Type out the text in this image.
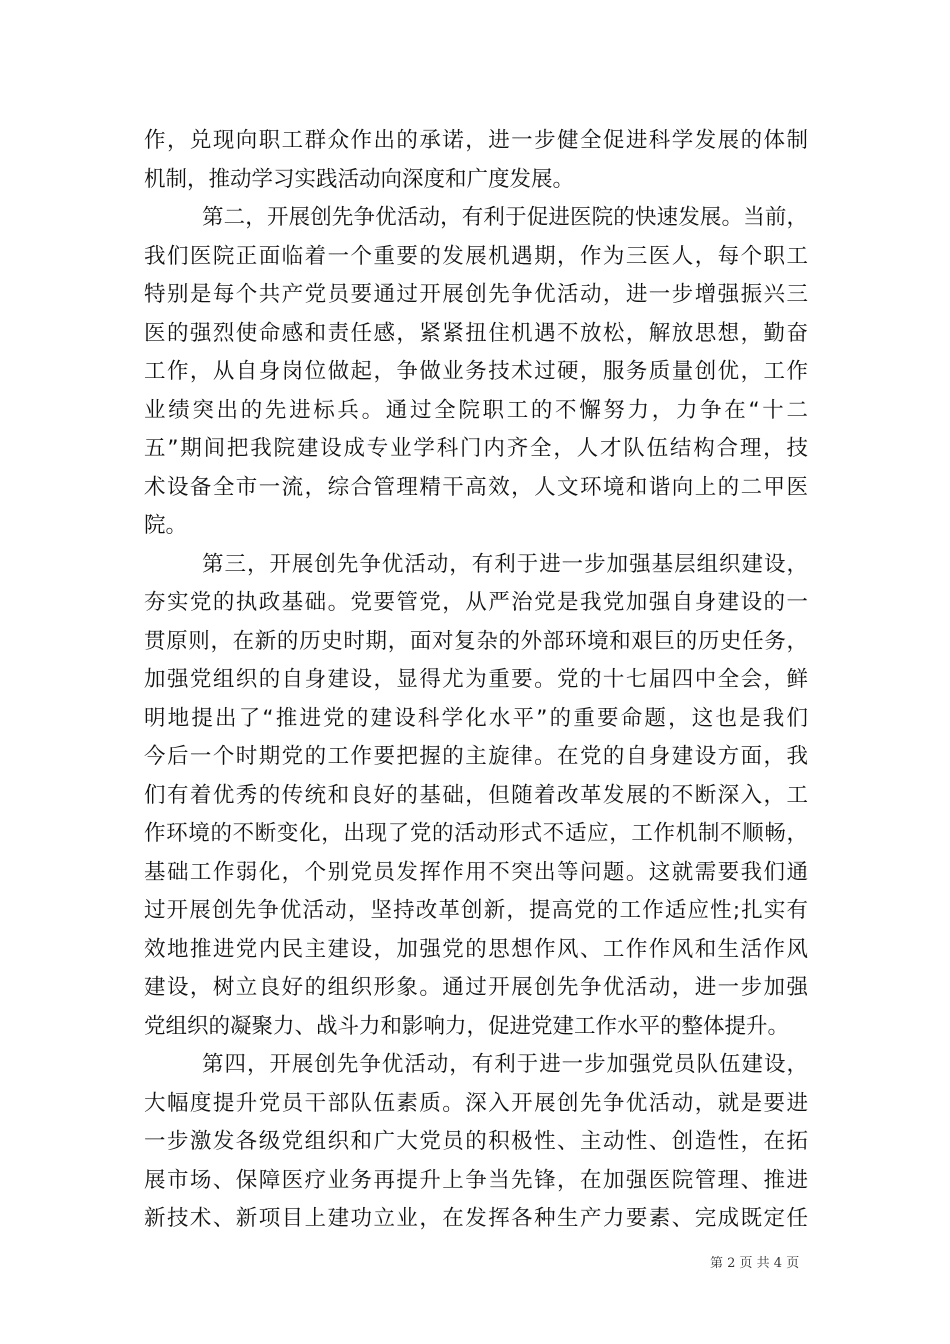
作，兑现向职工群众作出的承诺，进一步健全促进科学发展的体制
机制，推动学习实践活动向深度和广度发展。
第二，开展创先争优活动，有利于促进医院的快速发展。当前，
我们医院正面临着一个重要的发展机遇期，作为三医人，每个职工
特别是每个共产党员要通过开展创先争优活动，进一步增强振兴三
医的强烈使命感和责任感，紧紧扭住机遇不放松，解放思想，勤奋
工作，从自身岗位做起，争做业务技术过硬，服务质量创优，工作
业绩突出的先进标兵。通过全院职工的不懈努力，力争在“十二
五”期间把我院建设成专业学科门内齐全，人才队伍结构合理，技
术设备全市一流，综合管理精干高效，人文环境和谐向上的二甲医
院。
第三，开展创先争优活动，有利于进一步加强基层组织建设，
夯实党的执政基础。党要管党，从严治党是我党加强自身建设的一
贯原则，在新的历史时期，面对复杂的外部环境和艰巨的历史任务，
加强党组织的自身建设，显得尤为重要。党的十七届四中全会，鲜
明地提出了“推进党的建设科学化水平”的重要命题，这也是我们
今后一个时期党的工作要把握的主旋律。在党的自身建设方面，我
们有着优秀的传统和良好的基础，但随着改革发展的不断深入，工
作环境的不断变化，出现了党的活动形式不适应，工作机制不顺畅，
基础工作弱化，个别党员发挥作用不突出等问题。这就需要我们通
过开展创先争优活动，坚持改革创新，提高党的工作适应性;扎实有
效地推进党内民主建设，加强党的思想作风、工作作风和生活作风
建设，树立良好的组织形象。通过开展创先争优活动，进一步加强
党组织的凝聚力、战斗力和影响力，促进党建工作水平的整体提升。
第四，开展创先争优活动，有利于进一步加强党员队伍建设，
大幅度提升党员干部队伍素质。深入开展创先争优活动，就是要进
一步激发各级党组织和广大党员的积极性、主动性、创造性，在拓
展市场、保障医疗业务再提升上争当先锋，在加强医院管理、推进
新技术、新项目上建功立业，在发挥各种生产力要素、完成既定任
第 2 页 共 4 页
